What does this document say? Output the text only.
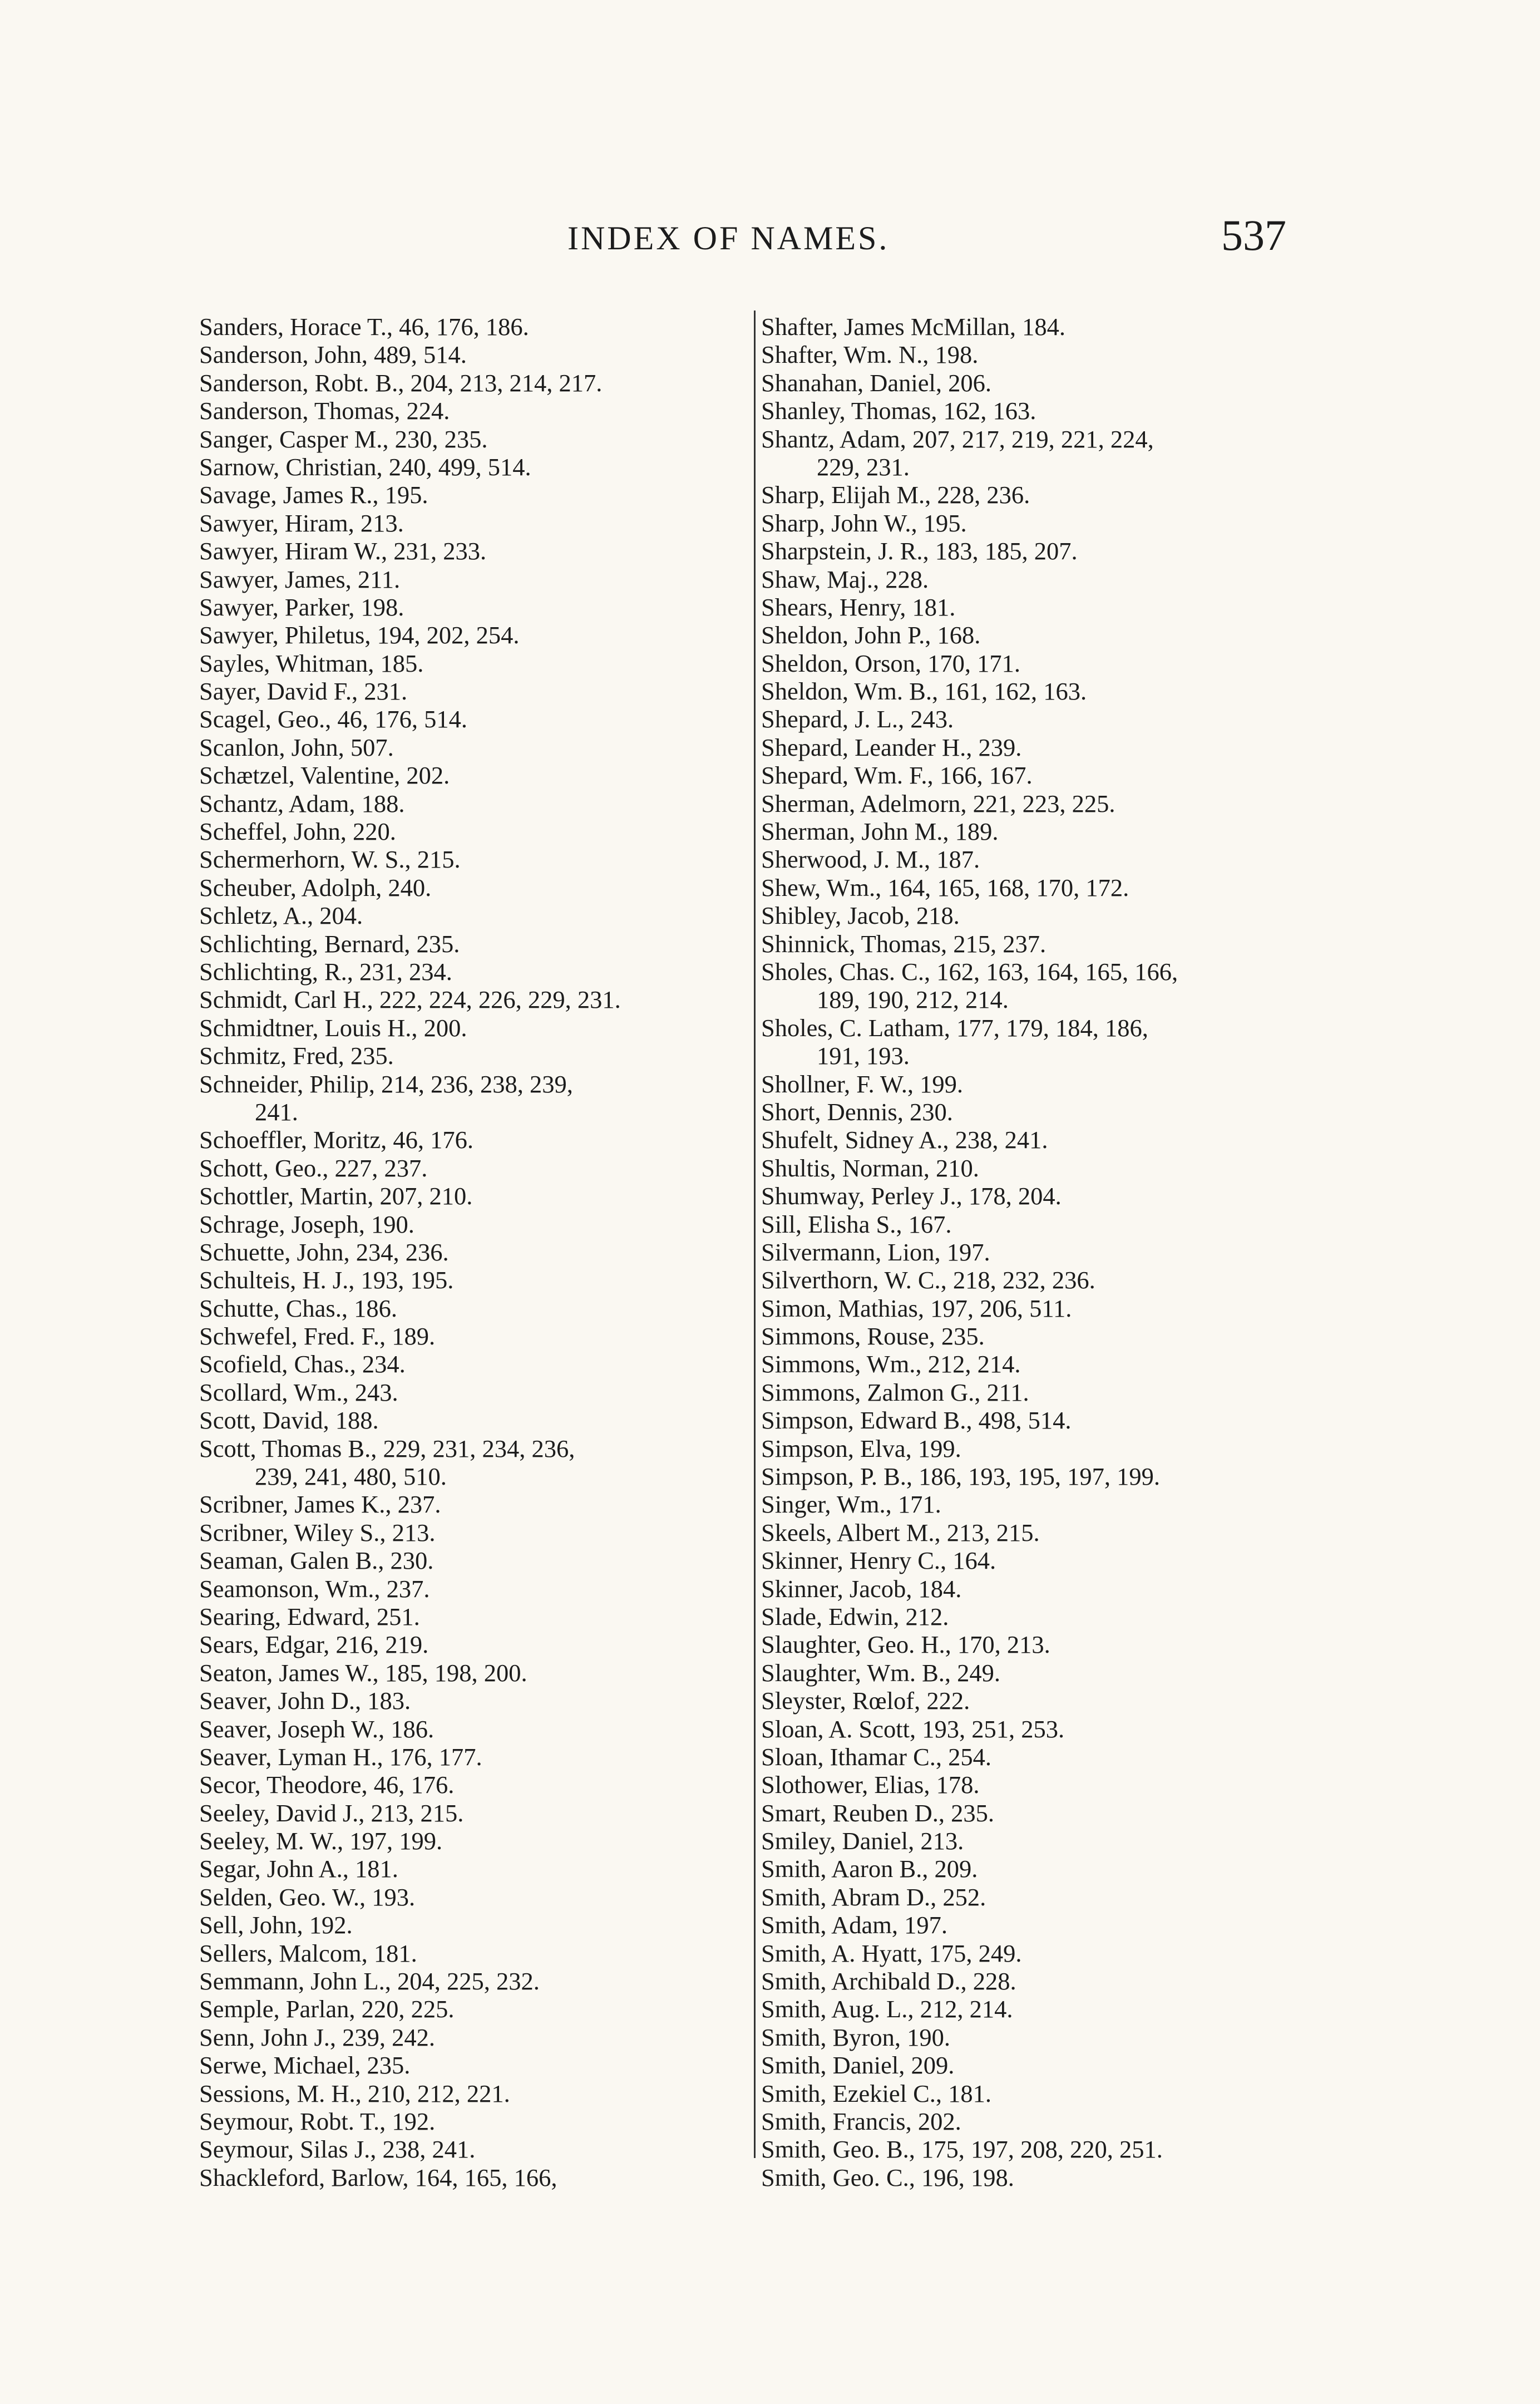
INDEX OF NAMES.	537
Sanders, Horace T., 46, 176, 186.
Sanderson, John, 489, 514.
Sanderson, Robt. B., 204, 213, 214, 217.
Sanderson, Thomas, 224.
Sanger, Casper M., 230, 235.
Sarnow, Christian, 240, 499, 514.
Savage, James R., 195.
Sawyer, Hiram, 213.
Sawyer, Hiram W., 231, 233.
Sawyer, James, 211.
Sawyer, Parker, 198.
Sawyer, Philetus, 194, 202, 254.
Sayles, Whitman, 185.
Sayer, David F., 231.
Scagel, Geo., 46, 176, 514.
Scanlon, John, 507.
Schætzel, Valentine, 202.
Schantz, Adam, 188.
Scheffel, John, 220.
Schermerhorn, W. S., 215.
Scheuber, Adolph, 240.
Schletz, A., 204.
Schlichting, Bernard, 235.
Schlichting, R., 231, 234.
Schmidt, Carl H., 222, 224, 226, 229, 231.
Schmidtner, Louis H., 200.
Schmitz, Fred, 235.
Schneider, Philip, 214, 236, 238, 239,
241.
Schoeffler, Moritz, 46, 176.
Schott, Geo., 227, 237.
Schottler, Martin, 207, 210.
Schrage, Joseph, 190.
Schuette, John, 234, 236.
Schulteis, H. J., 193, 195.
Schutte, Chas., 186.
Schwefel, Fred. F., 189.
Scofield, Chas., 234.
Scollard, Wm., 243.
Scott, David, 188.
Scott, Thomas B., 229, 231, 234, 236,
239, 241, 480, 510.
Scribner, James K., 237.
Scribner, Wiley S., 213.
Seaman, Galen B., 230.
Seamonson, Wm., 237.
Searing, Edward, 251.
Sears, Edgar, 216, 219.
Seaton, James W., 185, 198, 200.
Seaver, John D., 183.
Seaver, Joseph W., 186.
Seaver, Lyman H., 176, 177.
Secor, Theodore, 46, 176.
Seeley, David J., 213, 215.
Seeley, M. W., 197, 199.
Segar, John A., 181.
Selden, Geo. W., 193.
Sell, John, 192.
Sellers, Malcom, 181.
Semmann, John L., 204, 225, 232.
Semple, Parlan, 220, 225.
Senn, John J., 239, 242.
Serwe, Michael, 235.
Sessions, M. H., 210, 212, 221.
Seymour, Robt. T., 192.
Seymour, Silas J., 238, 241.
Shackleford, Barlow, 164, 165, 166,
Shafter, James McMillan, 184.
Shafter, Wm. N., 198.
Shanahan, Daniel, 206.
Shanley, Thomas, 162, 163.
Shantz, Adam, 207, 217, 219, 221, 224,
229, 231.
Sharp, Elijah M., 228, 236.
Sharp, John W., 195.
Sharpstein, J. R., 183, 185, 207.
Shaw, Maj., 228.
Shears, Henry, 181.
Sheldon, John P., 168.
Sheldon, Orson, 170, 171.
Sheldon, Wm. B., 161, 162, 163.
Shepard, J. L., 243.
Shepard, Leander H., 239.
Shepard, Wm. F., 166, 167.
Sherman, Adelmorn, 221, 223, 225.
Sherman, John M., 189.
Sherwood, J. M., 187.
Shew, Wm., 164, 165, 168, 170, 172.
Shibley, Jacob, 218.
Shinnick, Thomas, 215, 237.
Sholes, Chas. C., 162, 163, 164, 165, 166,
189, 190, 212, 214.
Sholes, C. Latham, 177, 179, 184, 186,
191, 193.
Shollner, F. W., 199.
Short, Dennis, 230.
Shufelt, Sidney A., 238, 241.
Shultis, Norman, 210.
Shumway, Perley J., 178, 204.
Sill, Elisha S., 167.
Silvermann, Lion, 197.
Silverthorn, W. C., 218, 232, 236.
Simon, Mathias, 197, 206, 511.
Simmons, Rouse, 235.
Simmons, Wm., 212, 214.
Simmons, Zalmon G., 211.
Simpson, Edward B., 498, 514.
Simpson, Elva, 199.
Simpson, P. B., 186, 193, 195, 197, 199.
Singer, Wm., 171.
Skeels, Albert M., 213, 215.
Skinner, Henry C., 164.
Skinner, Jacob, 184.
Slade, Edwin, 212.
Slaughter, Geo. H., 170, 213.
Slaughter, Wm. B., 249.
Sleyster, Rœlof, 222.
Sloan, A. Scott, 193, 251, 253.
Sloan, Ithamar C., 254.
Slothower, Elias, 178.
Smart, Reuben D., 235.
Smiley, Daniel, 213.
Smith, Aaron B., 209.
Smith, Abram D., 252.
Smith, Adam, 197.
Smith, A. Hyatt, 175, 249.
Smith, Archibald D., 228.
Smith, Aug. L., 212, 214.
Smith, Byron, 190.
Smith, Daniel, 209.
Smith, Ezekiel C., 181.
Smith, Francis, 202.
Smith, Geo. B., 175, 197, 208, 220, 251.
Smith, Geo. C., 196, 198.
